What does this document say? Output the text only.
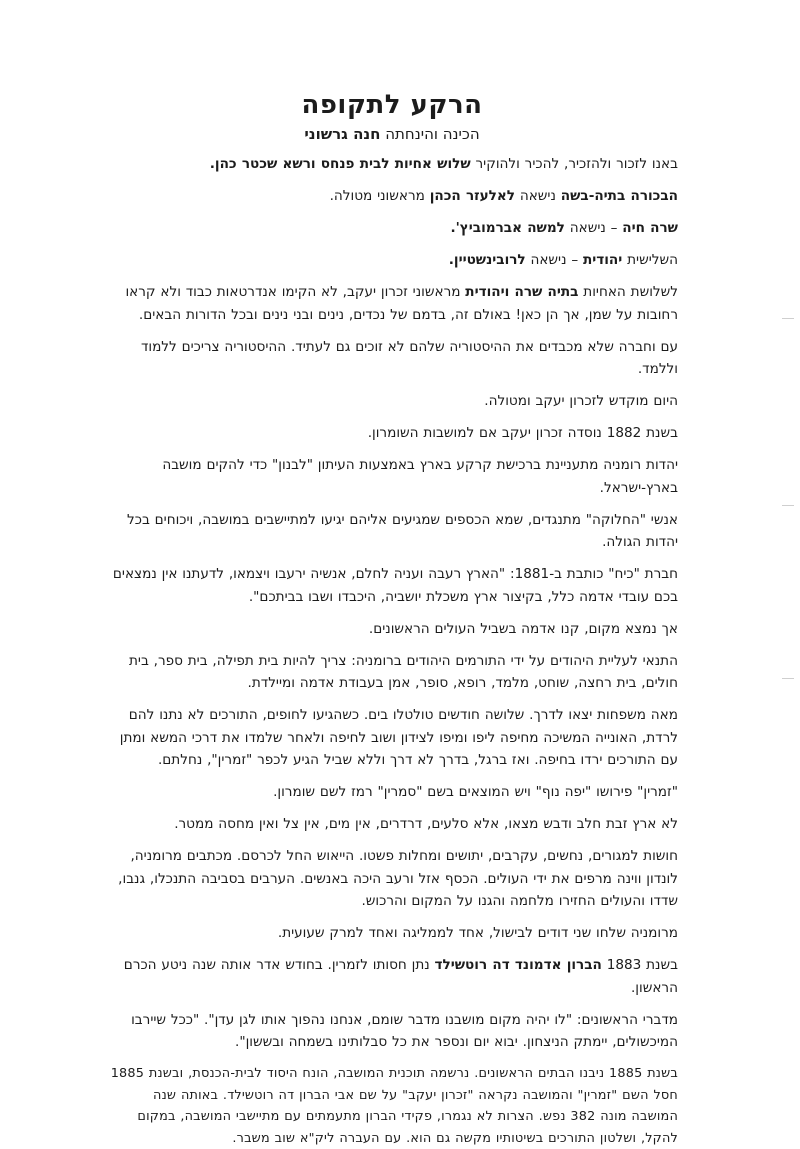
הרקע לתקופה
הכינה והינחתה חנה גרשוני

באנו לזכור ולהזכיר, להכיר ולהוקיר שלוש אחיות לבית פנחס ורשא שכטר כהן.

הבכורה בתיה-בשה נישאה לאלעזר הכהן מראשוני מטולה.

שרה חיה – נישאה למשה אברמוביץ'.

השלישית יהודית – נישאה לרובינשטיין.

לשלושת האחיות בתיה שרה ויהודית מראשוני זכרון יעקב, לא הקימו אנדרטאות כבוד ולא קראו רחובות על שמן, אך הן כאן! באולם זה, בדמם של נכדים, נינים ובני נינים ובכל הדורות הבאים.

עם וחברה שלא מכבדים את ההיסטוריה שלהם לא זוכים גם לעתיד. ההיסטוריה צריכים ללמוד וללמד.

היום מוקדש לזכרון יעקב ומטולה.

בשנת 1882 נוסדה זכרון יעקב אם למושבות השומרון.

יהדות רומניה מתעניינת ברכישת קרקע בארץ באמצעות העיתון "לבנון" כדי להקים מושבה בארץ-ישראל.

אנשי "החלוקה" מתנגדים, שמא הכספים שמגיעים אליהם יגיעו למתיישבים במושבה, ויכוחים בכל יהדות הגולה.

חברת "כיח" כותבת ב-1881: "הארץ רעבה ועניה לחלם, אנשיה ירעבו ויצמאו, לדעתנו אין נמצאים בכם עובדי אדמה כלל, בקיצור ארץ משכלת יושביה, היכבדו ושבו בביתכם".

אך נמצא מקום, קנו אדמה בשביל העולים הראשונים.

התנאי לעליית היהודים על ידי התורמים היהודים ברומניה: צריך להיות בית תפילה, בית ספר, בית חולים, בית רחצה, שוחט, מלמד, רופא, סופר, אמן בעבודת אדמה ומיילדת.

מאה משפחות יצאו לדרך. שלושה חודשים טולטלו בים. כשהגיעו לחופים, התורכים לא נתנו להם לרדת, האונייה המשיכה מחיפה ליפו ומיפו לצידון ושוב לחיפה ולאחר שלמדו את דרכי המשא ומתן עם התורכים ירדו בחיפה. ואז ברגל, בדרך לא דרך וללא שביל הגיע לכפר "זמרין", נחלתם.

"זמרין" פירושו "יפה נוף" ויש המוצאים בשם "סמרין" רמז לשם שומרון.

לא ארץ זבת חלב ודבש מצאו, אלא סלעים, דרדרים, אין מים, אין צל ואין מחסה ממטר.

חושות למגורים, נחשים, עקרבים, יתושים ומחלות פשטו. הייאוש החל לכרסם. מכתבים מרומניה, לונדון ווינה מרפים את ידי העולים. הכסף אזל ורעב היכה באנשים. הערבים בסביבה התנכלו, גנבו, שדדו והעולים החזירו מלחמה והגנו על המקום והרכוש.

מרומניה שלחו שני דודים לבישול, אחד לממליגה ואחד למרק שעועית.

בשנת 1883 הברון אדמונד דה רוטשילד נתן חסותו לזמרין. בחודש אדר אותה שנה ניטע הכרם הראשון.

מדברי הראשונים: "לו יהיה מקום מושבנו מדבר שומם, אנחנו נהפוך אותו לגן עדן". "ככל שיירבו המיכשולים, יימתק הניצחון. יבוא יום ונספר את כל סבלותינו בשמחה ובששון".

בשנת 1885 ניבנו הבתים הראשונים. נרשמה תוכנית המושבה, הונח היסוד לבית-הכנסת, ובשנת 1885 חסל השם "זמרין" והמושבה נקראה "זכרון יעקב" על שם אבי הברון דה רוטשילד. באותה שנה המושבה מונה 382 נפש. הצרות לא נגמרו, פקידי הברון מתעמתים עם מתיישבי המושבה, במקום להקל, ושלטון התורכים בשיטותיו מקשה גם הוא. עם העברה ליק"א שוב משבר.
